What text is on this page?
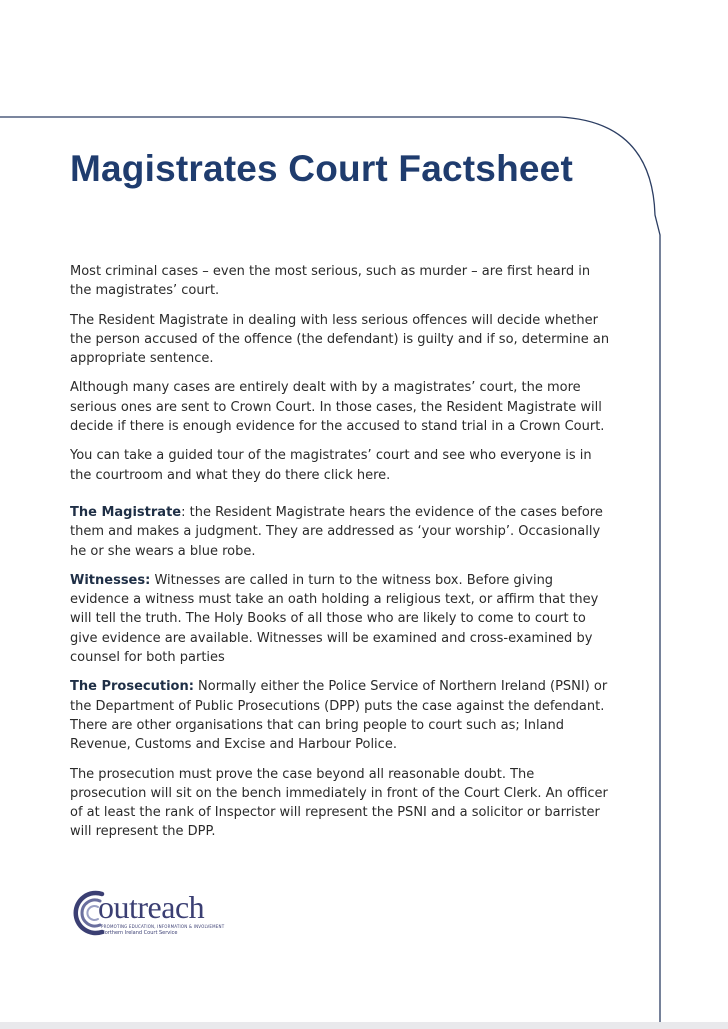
Magistrates Court Factsheet

Most criminal cases – even the most serious, such as murder – are first heard in the magistrates’ court.

The Resident Magistrate in dealing with less serious offences will decide whether the person accused of the offence (the defendant) is guilty and if so, determine an appropriate sentence.

Although many cases are entirely dealt with by a magistrates’ court, the more serious ones are sent to Crown Court. In those cases, the Resident Magistrate will decide if there is enough evidence for the accused to stand trial in a Crown Court.

You can take a guided tour of the magistrates’ court and see who everyone is in the courtroom and what they do there click here.

The Magistrate: the Resident Magistrate hears the evidence of the cases before them and makes a judgment. They are addressed as ‘your worship’. Occasionally he or she wears a blue robe.

Witnesses: Witnesses are called in turn to the witness box. Before giving evidence a witness must take an oath holding a religious text, or affirm that they will tell the truth. The Holy Books of all those who are likely to come to court to give evidence are available. Witnesses will be examined and cross-examined by counsel for both parties

The Prosecution: Normally either the Police Service of Northern Ireland (PSNI) or the Department of Public Prosecutions (DPP) puts the case against the defendant. There are other organisations that can bring people to court such as; Inland Revenue, Customs and Excise and Harbour Police.

The prosecution must prove the case beyond all reasonable doubt. The prosecution will sit on the bench immediately in front of the Court Clerk. An officer of at least the rank of Inspector will represent the PSNI and a solicitor or barrister will represent the DPP.

outreach
PROMOTING EDUCATION, INFORMATION & INVOLVEMENT
Northern Ireland Court Service
